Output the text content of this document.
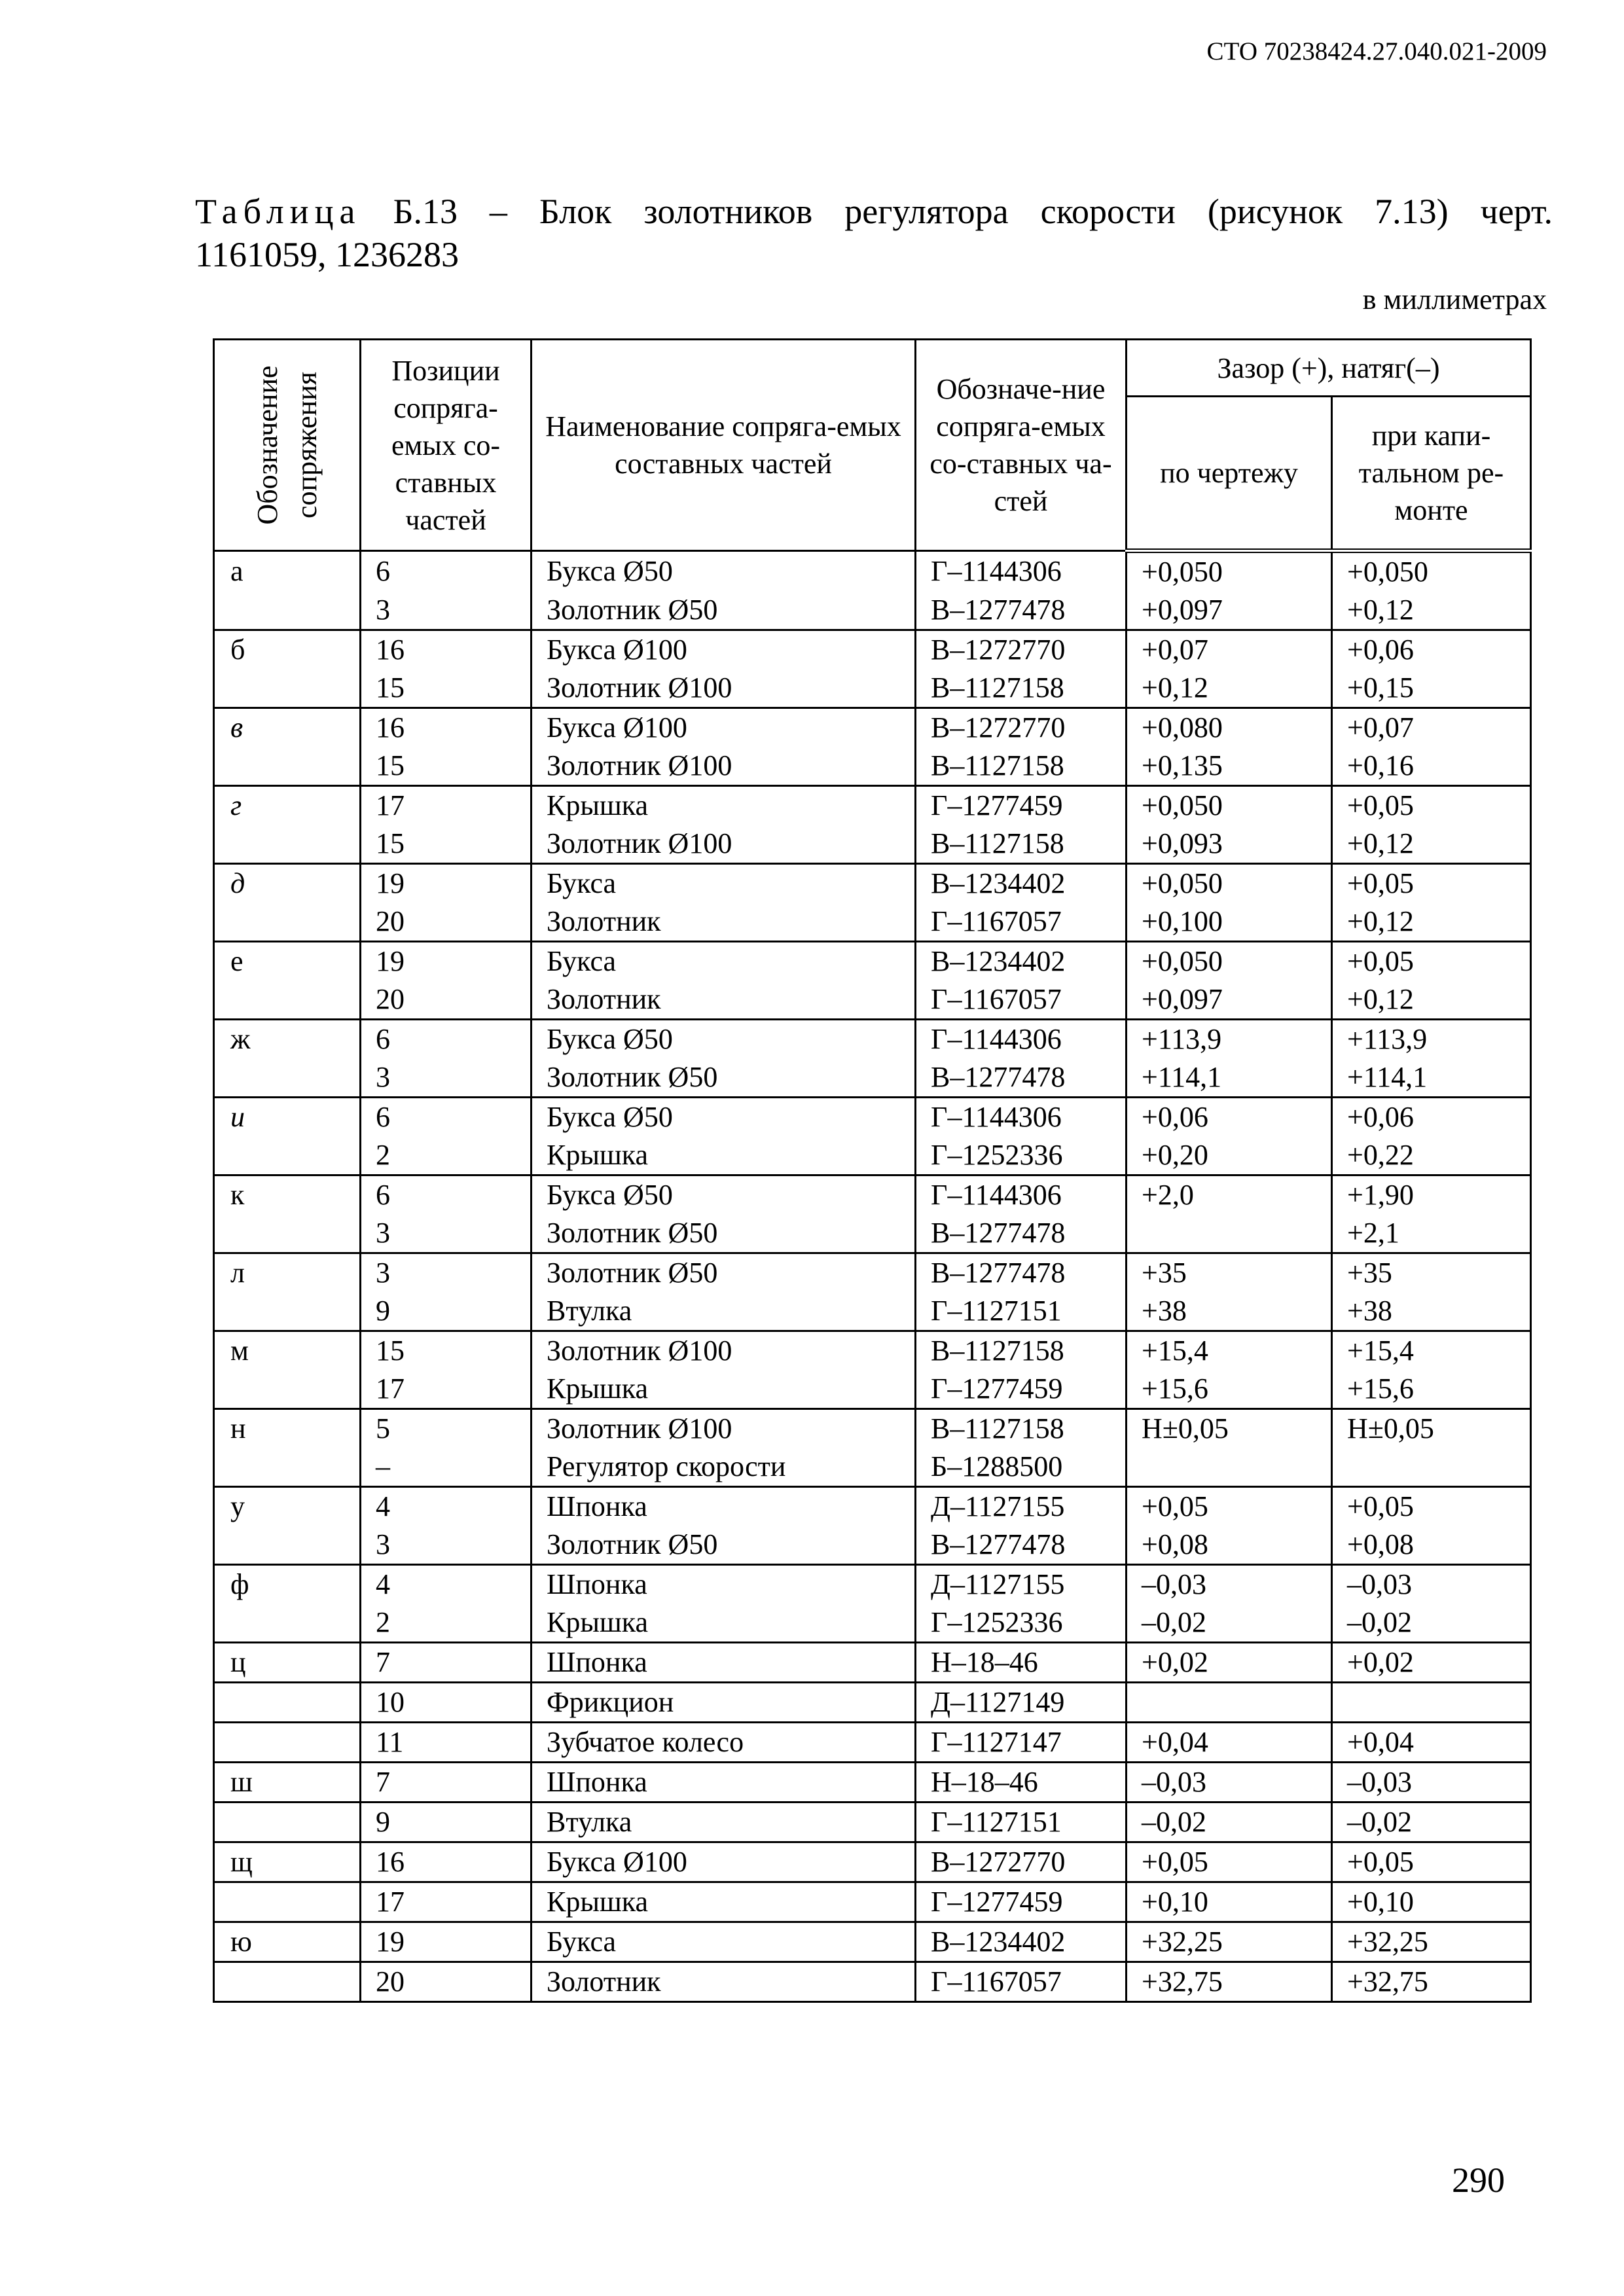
СТО 70238424.27.040.021-2009
Таблица Б.13 – Блок золотников регулятора скорости (рисунок 7.13) черт.
1161059, 1236283
в миллиметрах
Обозначение сопряжения	Позиции сопряга-емых со-ставных частей	Наименование сопряга-емых составных частей	Обозначе-ние сопряга-емых со-ставных ча-стей	Зазор (+), натяг(–)	
				по чертежу	при капи-тальном ре-монте
а	6	Букса Ø50	Г–1144306	+0,050	+0,050
	3	Золотник Ø50	В–1277478	+0,097	+0,12
б	16	Букса Ø100	В–1272770	+0,07	+0,06
	15	Золотник Ø100	В–1127158	+0,12	+0,15
в	16	Букса Ø100	В–1272770	+0,080	+0,07
	15	Золотник Ø100	В–1127158	+0,135	+0,16
г	17	Крышка	Г–1277459	+0,050	+0,05
	15	Золотник Ø100	В–1127158	+0,093	+0,12
д	19	Букса	В–1234402	+0,050	+0,05
	20	Золотник	Г–1167057	+0,100	+0,12
е	19	Букса	В–1234402	+0,050	+0,05
	20	Золотник	Г–1167057	+0,097	+0,12
ж	6	Букса Ø50	Г–1144306	+113,9	+113,9
	3	Золотник Ø50	В–1277478	+114,1	+114,1
и	6	Букса Ø50	Г–1144306	+0,06	+0,06
	2	Крышка	Г–1252336	+0,20	+0,22
к	6	Букса Ø50	Г–1144306	+2,0	+1,90
	3	Золотник Ø50	В–1277478		+2,1
л	3	Золотник Ø50	В–1277478	+35	+35
	9	Втулка	Г–1127151	+38	+38
м	15	Золотник Ø100	В–1127158	+15,4	+15,4
	17	Крышка	Г–1277459	+15,6	+15,6
н	5	Золотник Ø100	В–1127158	Н±0,05	Н±0,05
	–	Регулятор скорости	Б–1288500		
у	4	Шпонка	Д–1127155	+0,05	+0,05
	3	Золотник Ø50	В–1277478	+0,08	+0,08
ф	4	Шпонка	Д–1127155	–0,03	–0,03
	2	Крышка	Г–1252336	–0,02	–0,02
ц	7	Шпонка	Н–18–46	+0,02	+0,02
	10	Фрикцион	Д–1127149		
	11	Зубчатое колесо	Г–1127147	+0,04	+0,04
ш	7	Шпонка	Н–18–46	–0,03	–0,03
	9	Втулка	Г–1127151	–0,02	–0,02
щ	16	Букса Ø100	В–1272770	+0,05	+0,05
	17	Крышка	Г–1277459	+0,10	+0,10
ю	19	Букса	В–1234402	+32,25	+32,25
	20	Золотник	Г–1167057	+32,75	+32,75
290
